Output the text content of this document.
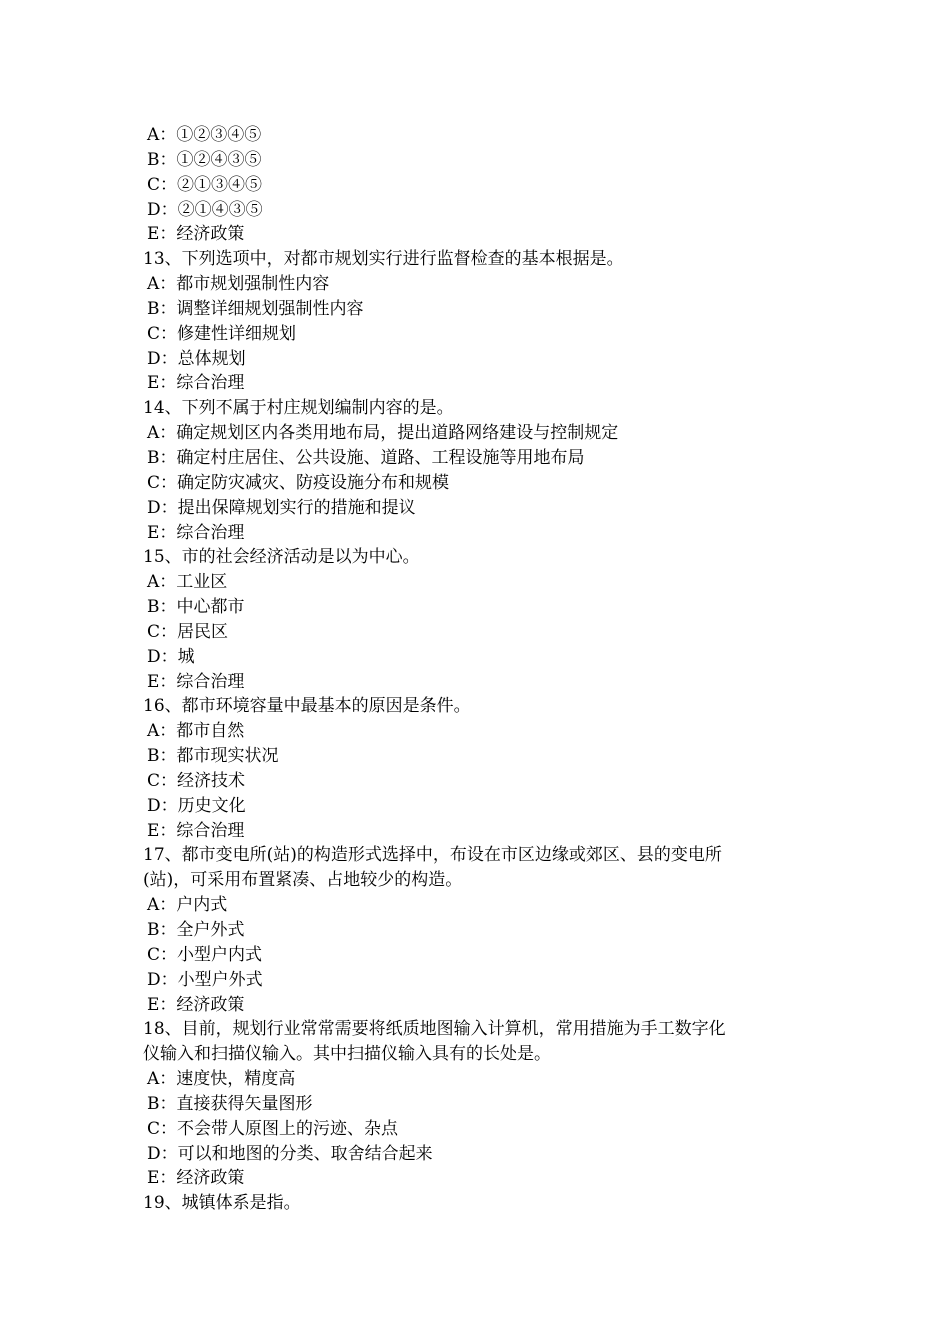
A：①②③④⑤
B：①②④③⑤
C：②①③④⑤
D：②①④③⑤
E：经济政策
13、下列选项中，对都市规划实行进行监督检查的基本根据是。
A：都市规划强制性内容
B：调整详细规划强制性内容
C：修建性详细规划
D：总体规划
E：综合治理
14、下列不属于村庄规划编制内容的是。
A：确定规划区内各类用地布局，提出道路网络建设与控制规定
B：确定村庄居住、公共设施、道路、工程设施等用地布局
C：确定防灾减灾、防疫设施分布和规模
D：提出保障规划实行的措施和提议
E：综合治理
15、市的社会经济活动是以为中心。
A：工业区
B：中心都市
C：居民区
D：城
E：综合治理
16、都市环境容量中最基本的原因是条件。
A：都市自然
B：都市现实状况
C：经济技术
D：历史文化
E：综合治理
17、都市变电所(站)的构造形式选择中，布设在市区边缘或郊区、县的变电所
(站)，可采用布置紧凑、占地较少的构造。
A：户内式
B：全户外式
C：小型户内式
D：小型户外式
E：经济政策
18、目前，规划行业常常需要将纸质地图输入计算机，常用措施为手工数字化
仪输入和扫描仪输入。其中扫描仪输入具有的长处是。
A：速度快，精度高
B：直接获得矢量图形
C：不会带人原图上的污迹、杂点
D：可以和地图的分类、取舍结合起来
E：经济政策
19、城镇体系是指。
